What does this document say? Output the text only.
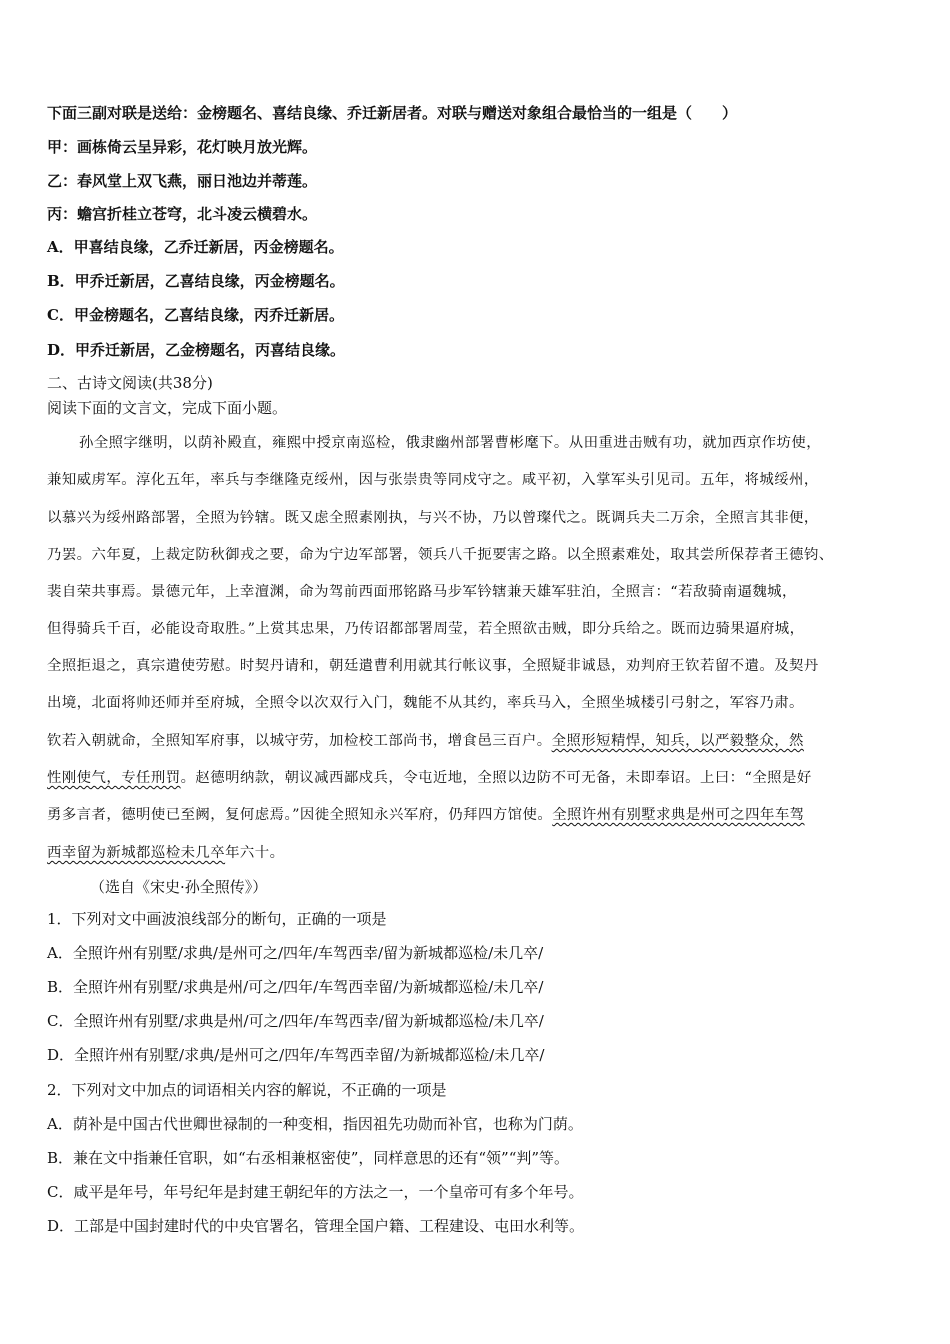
下面三副对联是送给：金榜题名、喜结良缘、乔迁新居者。对联与赠送对象组合最恰当的一组是（　　）
甲：画栋倚云呈异彩，花灯映月放光辉。
乙：春风堂上双飞燕，丽日池边并蒂莲。
丙：蟾宫折桂立苍穹，北斗凌云横碧水。
A．甲喜结良缘，乙乔迁新居，丙金榜题名。
B．甲乔迁新居，乙喜结良缘，丙金榜题名。
C．甲金榜题名，乙喜结良缘，丙乔迁新居。
D．甲乔迁新居，乙金榜题名，丙喜结良缘。
二、古诗文阅读(共38分)
阅读下面的文言文，完成下面小题。
孙全照字继明，以荫补殿直，雍熙中授京南巡检，俄隶幽州部署曹彬麾下。从田重进击贼有功，就加西京作坊使，
兼知威虏军。淳化五年，率兵与李继隆克绥州，因与张崇贵等同戍守之。咸平初，入掌军头引见司。五年，将城绥州，
以慕兴为绥州路部署，全照为钤辖。既又虑全照素刚执，与兴不协，乃以曾璨代之。既调兵夫二万余，全照言其非便，
乃罢。六年夏，上裁定防秋御戎之要，命为宁边军部署，领兵八千扼要害之路。以全照素难处，取其尝所保荐者王德钧、
裴自荣共事焉。景德元年，上幸澶渊，命为驾前西面邢铭路马步军钤辖兼天雄军驻泊，全照言：“若敌骑南逼魏城，
但得骑兵千百，必能设奇取胜。”上赏其忠果，乃传诏都部署周莹，若全照欲击贼，即分兵给之。既而边骑果逼府城，
全照拒退之，真宗遣使劳慰。时契丹请和，朝廷遣曹利用就其行帐议事，全照疑非诚恳，劝判府王钦若留不遣。及契丹
出境，北面将帅还师并至府城，全照令以次双行入门，魏能不从其约，率兵马入，全照坐城楼引弓射之，军容乃肃。
钦若入朝就命，全照知军府事，以城守劳，加检校工部尚书，增食邑三百户。全照形短精悍，知兵，以严毅整众，然
性刚使气，专任刑罚。赵德明纳款，朝议减西鄙戍兵，令屯近地，全照以边防不可无备，未即奉诏。上曰：“全照是好
勇多言者，德明使已至阙，复何虑焉。”因徙全照知永兴军府，仍拜四方馆使。全照许州有别墅求典是州可之四年车驾
西幸留为新城都巡检未几卒年六十。
（选自《宋史·孙全照传》）
1．下列对文中画波浪线部分的断句，正确的一项是
A．全照许州有别墅/求典/是州可之/四年/车驾西幸/留为新城都巡检/未几卒/
B．全照许州有别墅/求典是州/可之/四年/车驾西幸留/为新城都巡检/未几卒/
C．全照许州有别墅/求典是州/可之/四年/车驾西幸/留为新城都巡检/未几卒/
D．全照许州有别墅/求典/是州可之/四年/车驾西幸留/为新城都巡检/未几卒/
2．下列对文中加点的词语相关内容的解说，不正确的一项是
A．荫补是中国古代世卿世禄制的一种变相，指因祖先功勋而补官，也称为门荫。
B．兼在文中指兼任官职，如“右丞相兼枢密使”，同样意思的还有“领”“判”等。
C．咸平是年号，年号纪年是封建王朝纪年的方法之一，一个皇帝可有多个年号。
D．工部是中国封建时代的中央官署名，管理全国户籍、工程建设、屯田水利等。
